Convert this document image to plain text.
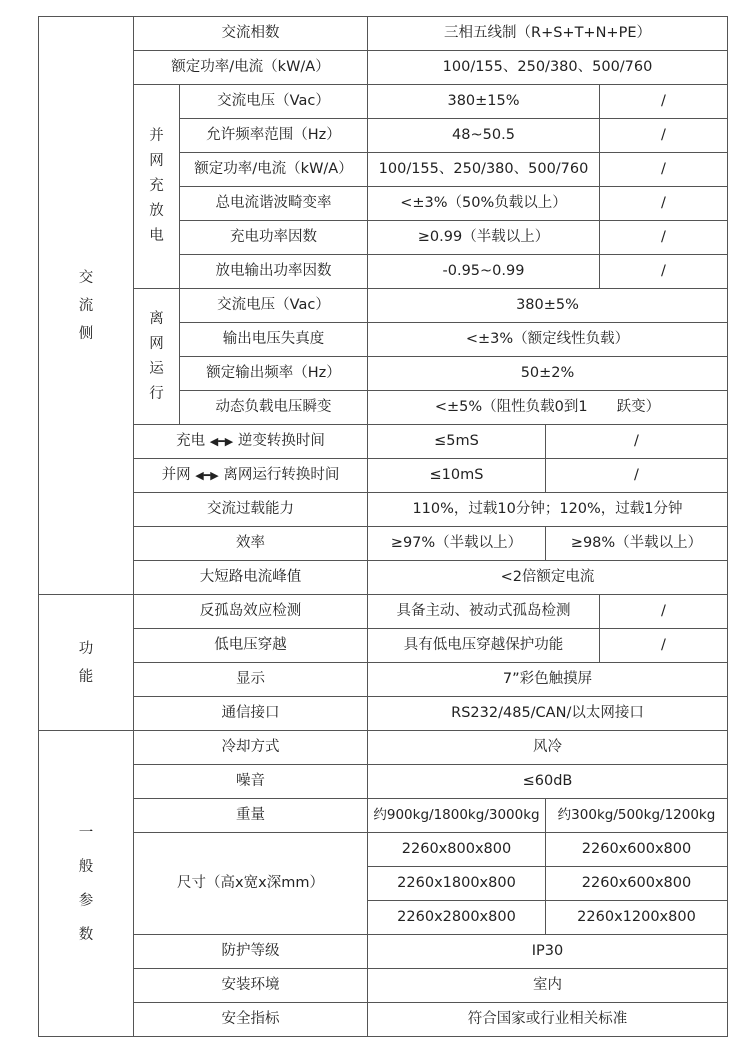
交流侧	交流相数		三相五线制（R+S+T+N+PE）		
	额定功率/电流（kW/A）		100/155、250/380、500/760		
	并网充放电	交流电压（Vac）	380±15%		/
		允许频率范围（Hz）	48~50.5		/
		额定功率/电流（kW/A）	100/155、250/380、500/760		/
		总电流谐波畸变率	<±3%（50%负载以上）		/
		充电功率因数	≥0.99（半载以上）		/
		放电输出功率因数	-0.95~0.99		/
	离网运行	交流电压（Vac）	380±5%		
		输出电压失真度	<±3%（额定线性负载）		
		额定输出频率（Hz）	50±2%		
		动态负载电压瞬变	<±5%（阻性负载0到1　　跃变）		
	充电 ◀━▶ 逆变转换时间		≤5mS	/	
	并网 ◀━▶ 离网运行转换时间		≤10mS	/	
	交流过载能力		110%，过载10分钟；120%，过载1分钟		
	效率		≥97%（半载以上）	≥98%（半载以上）	
	大短路电流峰值		<2倍额定电流		
功能	反孤岛效应检测		具备主动、被动式孤岛检测		/
	低电压穿越		具有低电压穿越保护功能		/
	显示		7”彩色触摸屏		
	通信接口		RS232/485/CAN/以太网接口		
一般参数	冷却方式		风冷		
	噪音		≤60dB		
	重量		约900kg/1800kg/3000kg	约300kg/500kg/1200kg	
	尺寸（高x宽x深mm）		2260x800x800	2260x600x800	
			2260x1800x800	2260x600x800	
			2260x2800x800	2260x1200x800	
	防护等级		IP30		
	安装环境		室内		
	安全指标		符合国家或行业相关标准		
